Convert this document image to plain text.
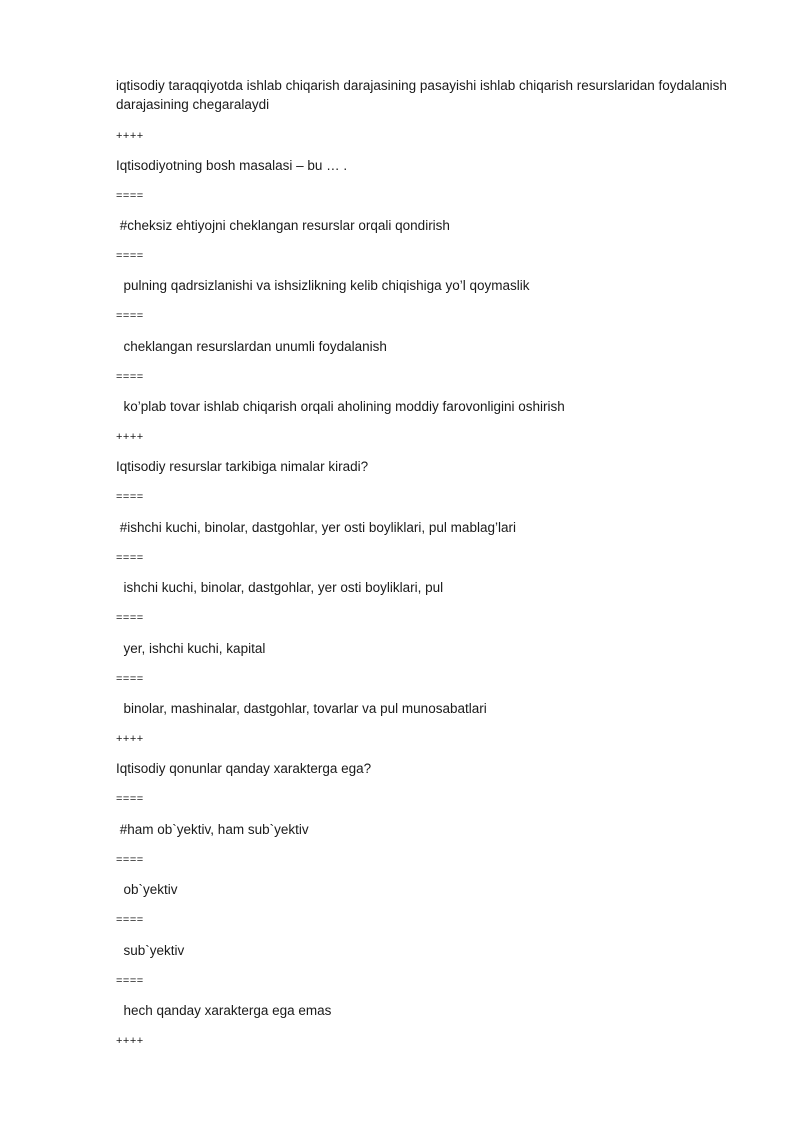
iqtisodiy taraqqiyotda ishlab chiqarish darajasining pasayishi ishlab chiqarish resurslaridan foydalanish darajasining chegaralaydi
++++
Iqtisodiyotning bosh masalasi – bu … .
====
#cheksiz ehtiyojni cheklangan resurslar orqali qondirish
====
pulning qadrsizlanishi va ishsizlikning kelib chiqishiga yo’l qoymaslik
====
cheklangan resurslardan unumli foydalanish
====
ko’plab tovar ishlab chiqarish orqali aholining moddiy farovonligini oshirish
++++
Iqtisodiy resurslar tarkibiga nimalar kiradi?
====
#ishchi kuchi, binolar, dastgohlar, yer osti boyliklari, pul mablag’lari
====
ishchi kuchi, binolar, dastgohlar, yer osti boyliklari, pul
====
yer, ishchi kuchi, kapital
====
binolar, mashinalar, dastgohlar, tovarlar va pul munosabatlari
++++
Iqtisodiy qonunlar qanday xarakterga ega?
====
#ham ob`yektiv, ham sub`yektiv
====
ob`yektiv
====
sub`yektiv
====
hech qanday xarakterga ega emas
++++
